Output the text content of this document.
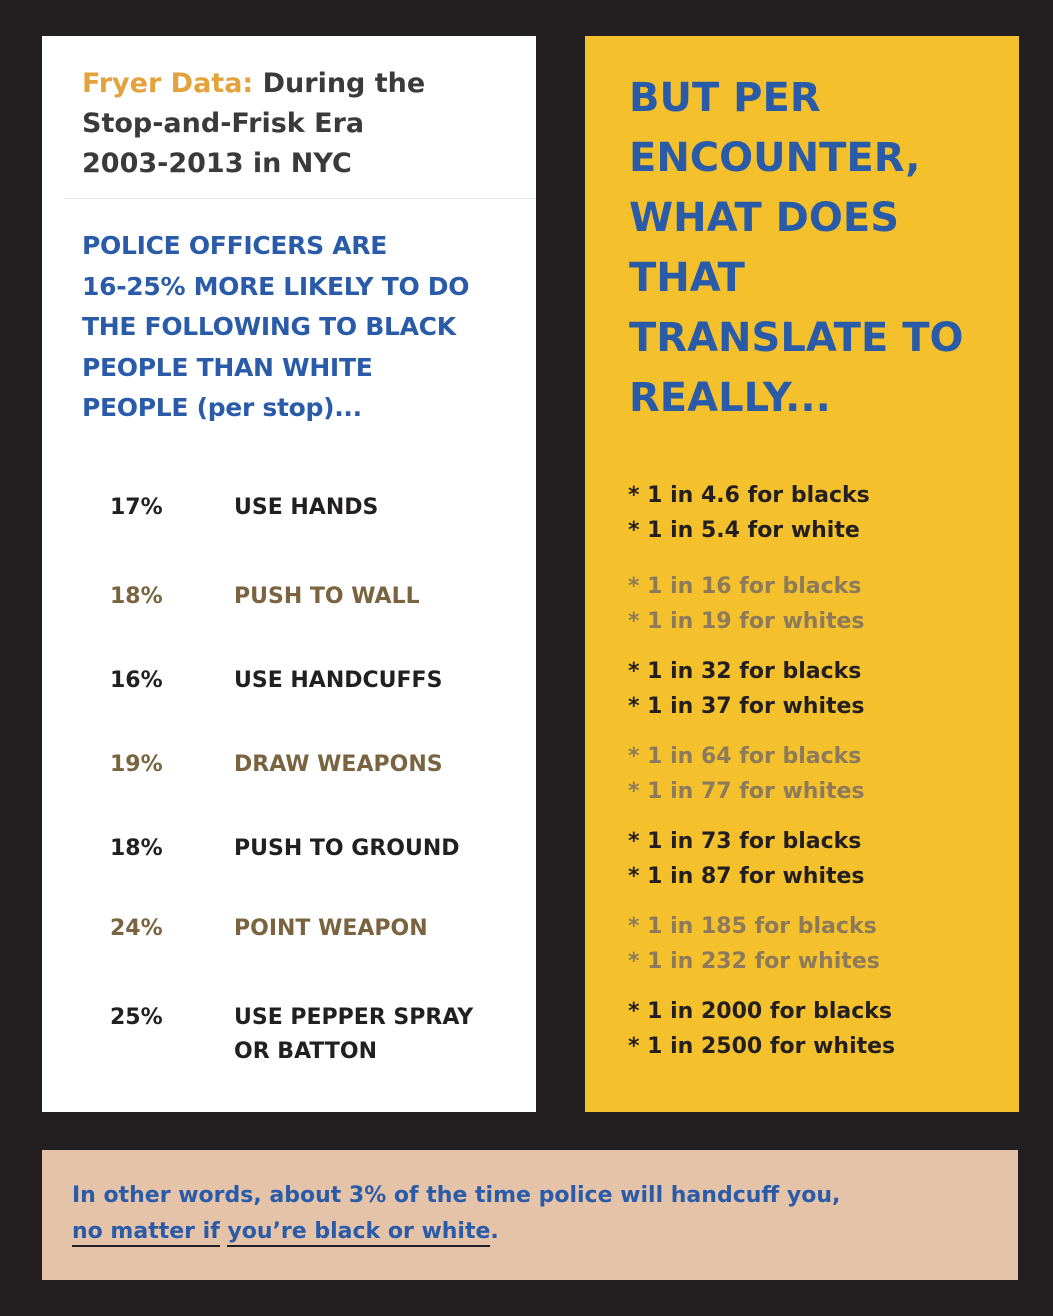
Fryer Data: During the
Stop-and-Frisk Era
2003-2013 in NYC
POLICE OFFICERS ARE
16-25% MORE LIKELY TO DO
THE FOLLOWING TO BLACK
PEOPLE THAN WHITE
PEOPLE (per stop)...
17%	USE HANDS
18%	PUSH TO WALL
16%	USE HANDCUFFS
19%	DRAW WEAPONS
18%	PUSH TO GROUND
24%	POINT WEAPON
25%	USE PEPPER SPRAY
OR BATTON
BUT PER
ENCOUNTER,
WHAT DOES
THAT
TRANSLATE TO
REALLY...
* 1 in 4.6 for blacks
* 1 in 5.4 for white
* 1 in 16 for blacks
* 1 in 19 for whites
* 1 in 32 for blacks
* 1 in 37 for whites
* 1 in 64 for blacks
* 1 in 77 for whites
* 1 in 73 for blacks
* 1 in 87 for whites
* 1 in 185 for blacks
* 1 in 232 for whites
* 1 in 2000 for blacks
* 1 in 2500 for whites
In other words, about 3% of the time police will handcuff you,
no matter if you’re black or white.
